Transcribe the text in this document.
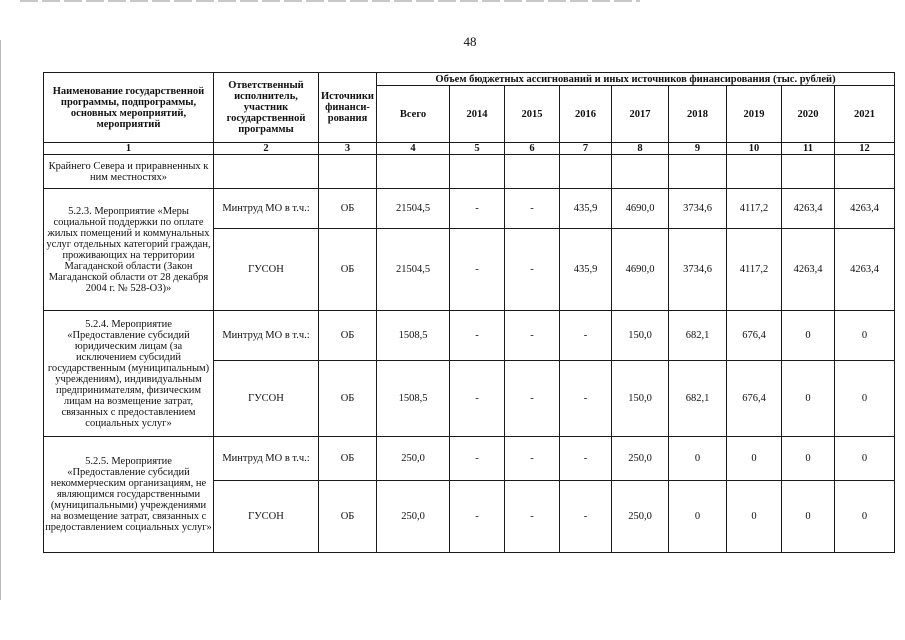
48
Наименование государственной программы, подпрограммы, основных мероприятий, мероприятий	Ответственный исполнитель, участник государственной программы	Источники финанси-рования	Объем бюджетных ассигнований и иных источников финансирования (тыс. рублей)								
			Всего	2014	2015	2016	2017	2018	2019	2020	2021
1	2	3	4	5	6	7	8	9	10	11	12
Крайнего Севера и приравненных к ним местностях»											
5.2.3. Мероприятие «Меры социальной поддержки по оплате жилых помещений и коммунальных услуг отдельных категорий граждан, проживающих на территории Магаданской области (Закон Магаданской области от 28 декабря 2004 г. № 528-ОЗ)»	Минтруд МО в т.ч.:	ОБ	21504,5	-	-	435,9	4690,0	3734,6	4117,2	4263,4	4263,4
	ГУСОН	ОБ	21504,5	-	-	435,9	4690,0	3734,6	4117,2	4263,4	4263,4
5.2.4. Мероприятие «Предоставление субсидий юридическим лицам (за исключением субсидий государственным (муниципальным) учреждениям), индивидуальным предпринимателям, физическим лицам на возмещение затрат, связанных с предоставлением социальных услуг»	Минтруд МО в т.ч.:	ОБ	1508,5	-	-	-	150,0	682,1	676,4	0	0
	ГУСОН	ОБ	1508,5	-	-	-	150,0	682,1	676,4	0	0
5.2.5. Мероприятие «Предоставление субсидий некоммерческим организациям, не являющимся государственными (муниципальными) учреждениями на возмещение затрат, связанных с предоставлением социальных услуг»	Минтруд МО в т.ч.:	ОБ	250,0	-	-	-	250,0	0	0	0	0
	ГУСОН	ОБ	250,0	-	-	-	250,0	0	0	0	0
